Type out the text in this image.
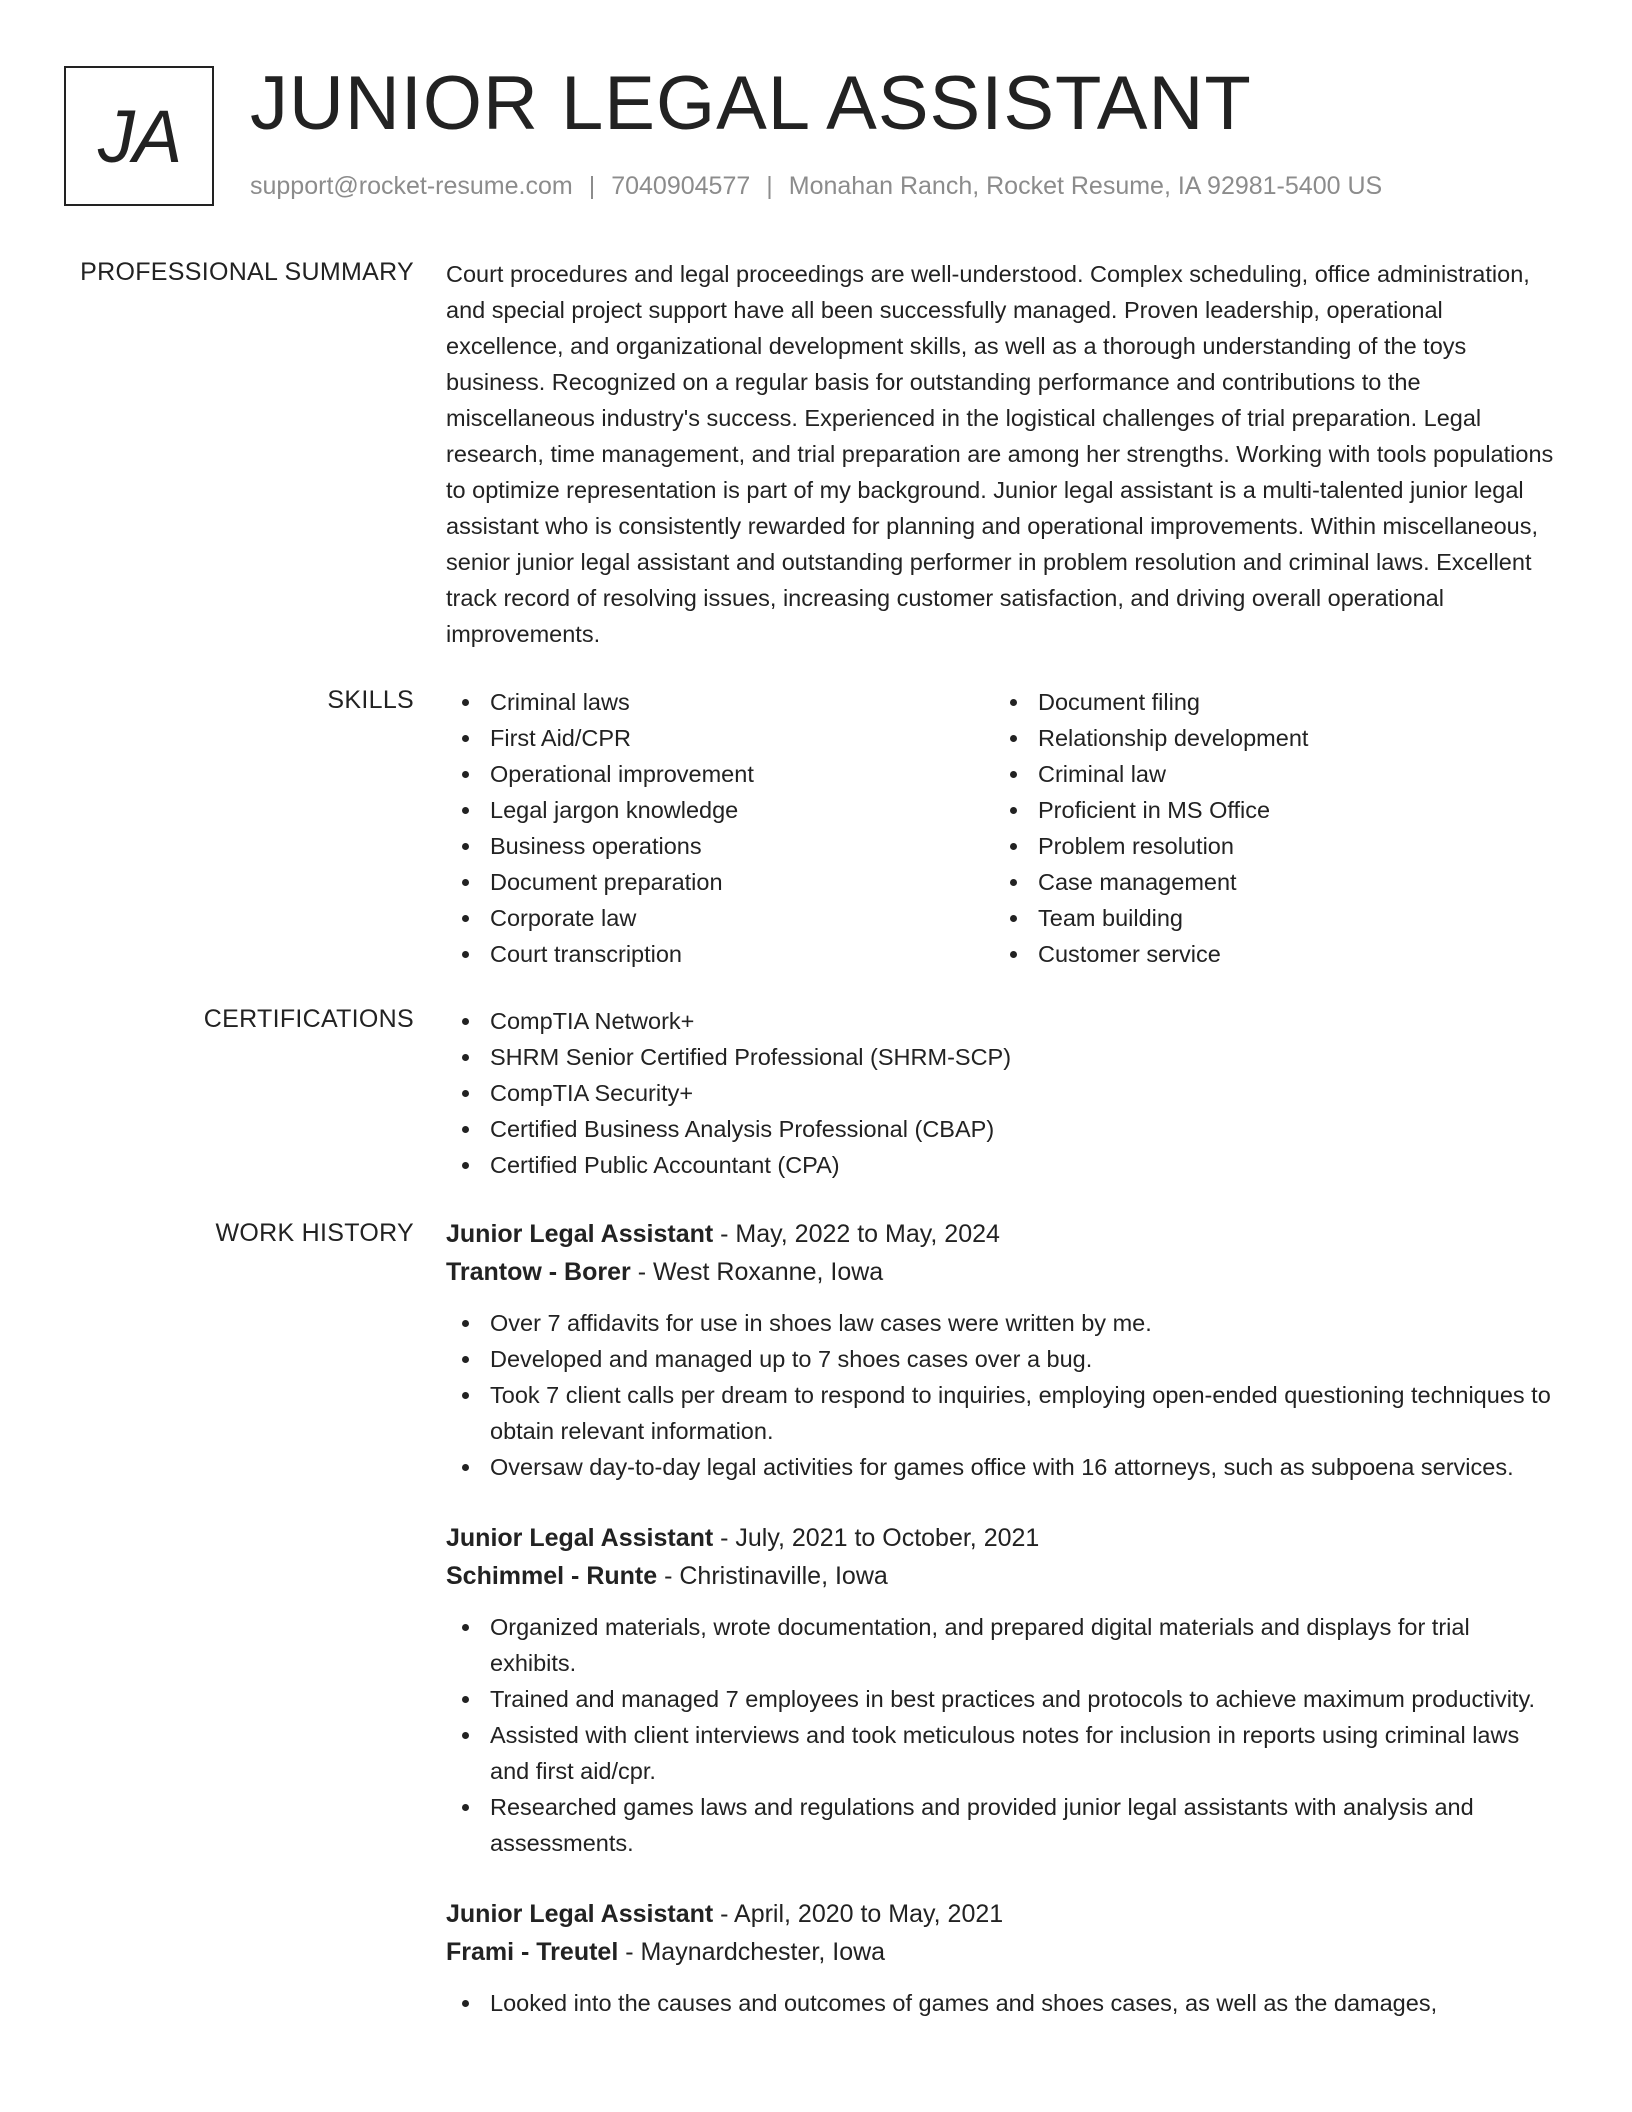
JA JUNIOR LEGAL ASSISTANT
support@rocket-resume.com | 7040904577 | Monahan Ranch, Rocket Resume, IA 92981-5400 US
PROFESSIONAL SUMMARY Court procedures and legal proceedings are well-understood. Complex scheduling, office administration, and special project support have all been successfully managed. Proven leadership, operational excellence, and organizational development skills, as well as a thorough understanding of the toys business. Recognized on a regular basis for outstanding performance and contributions to the miscellaneous industry's success. Experienced in the logistical challenges of trial preparation. Legal research, time management, and trial preparation are among her strengths. Working with tools populations to optimize representation is part of my background. Junior legal assistant is a multi-talented junior legal assistant who is consistently rewarded for planning and operational improvements. Within miscellaneous, senior junior legal assistant and outstanding performer in problem resolution and criminal laws. Excellent track record of resolving issues, increasing customer satisfaction, and driving overall operational improvements.

SKILLS	Criminal laws
First Aid/CPR
Operational improvement
Legal jargon knowledge
Business operations
Document preparation
Corporate law
Court transcription
Document filing
Relationship development
Criminal law
Proficient in MS Office
Problem resolution
Case management
Team building
Customer service
CERTIFICATIONS	CompTIA Network+
SHRM Senior Certified Professional (SHRM-SCP)
CompTIA Security+
Certified Business Analysis Professional (CBAP)
Certified Public Accountant (CPA)
WORK HISTORY Junior Legal Assistant - May, 2022 to May, 2024
Trantow - Borer - West Roxanne, Iowa
Over 7 affidavits for use in shoes law cases were written by me.
Developed and managed up to 7 shoes cases over a bug.
Took 7 client calls per dream to respond to inquiries, employing open-ended questioning techniques to obtain relevant information.
Oversaw day-to-day legal activities for games office with 16 attorneys, such as subpoena services.
Junior Legal Assistant - July, 2021 to October, 2021
Schimmel - Runte - Christinaville, Iowa
Organized materials, wrote documentation, and prepared digital materials and displays for trial exhibits.
Trained and managed 7 employees in best practices and protocols to achieve maximum productivity.
Assisted with client interviews and took meticulous notes for inclusion in reports using criminal laws and first aid/cpr.
Researched games laws and regulations and provided junior legal assistants with analysis and assessments.
Junior Legal Assistant - April, 2020 to May, 2021
Frami - Treutel - Maynardchester, Iowa
Looked into the causes and outcomes of games and shoes cases, as well as the damages,
